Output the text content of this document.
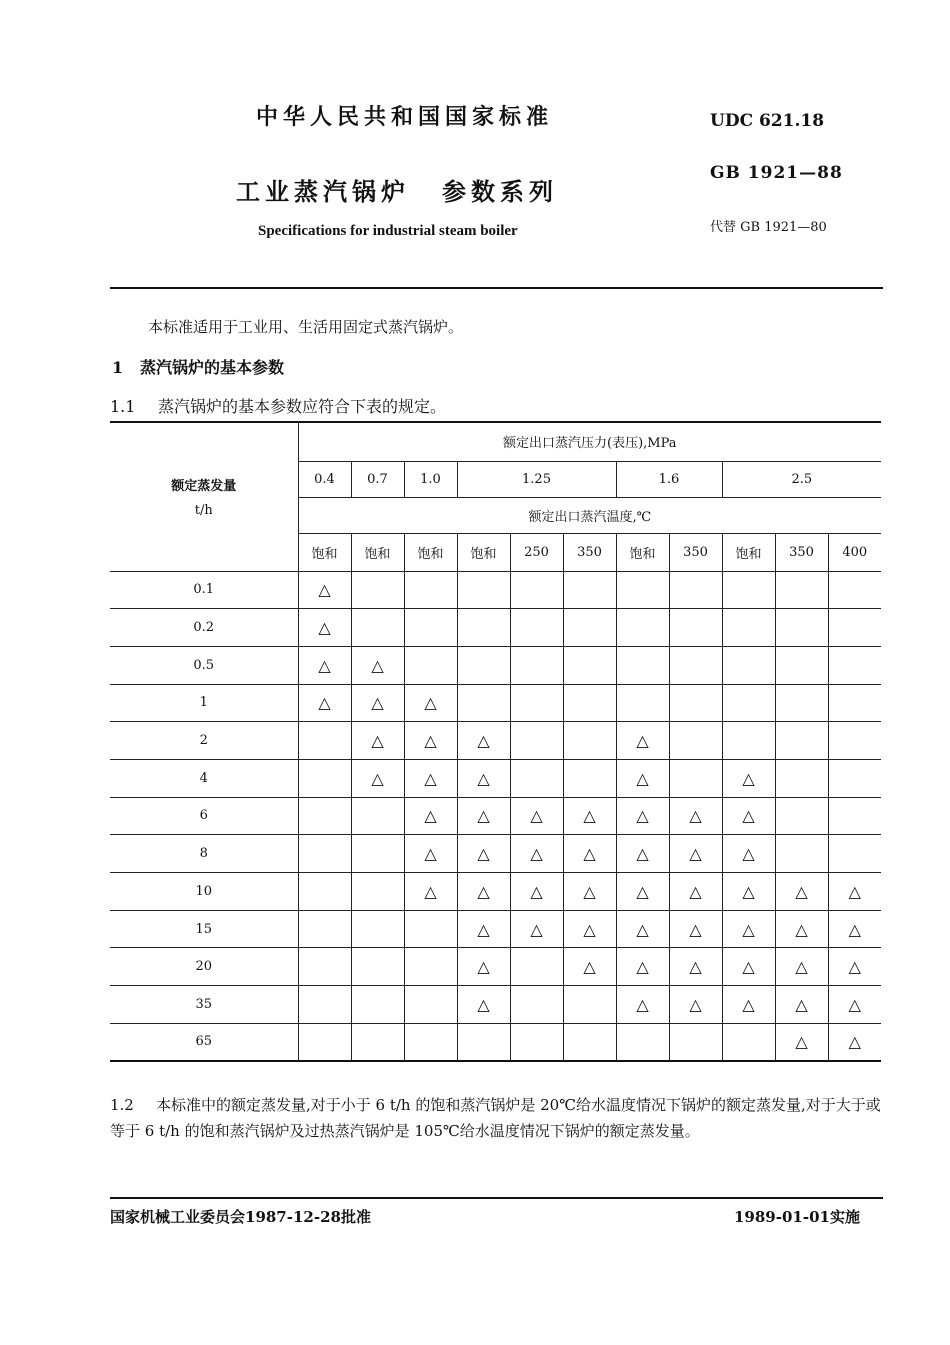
中华人民共和国国家标准
工业蒸汽锅炉 参数系列
Specifications for industrial steam boiler
UDC 621.18
GB 1921—88
代替 GB 1921—80
本标准适用于工业用、生活用固定式蒸汽锅炉。
1 蒸汽锅炉的基本参数
1.1 蒸汽锅炉的基本参数应符合下表的规定。
额定蒸发量
t/h	额定出口蒸汽压力(表压),MPa										
	0.4	0.7	1.0	1.25			1.6		2.5		
	额定出口蒸汽温度,℃										
	饱和	饱和	饱和	饱和	250	350	饱和	350	饱和	350	400
0.1	△										
0.2	△										
0.5	△	△									
1	△	△	△								
2		△	△	△			△				
4		△	△	△			△		△		
6			△	△	△	△	△	△	△		
8			△	△	△	△	△	△	△		
10			△	△	△	△	△	△	△	△	△
15				△	△	△	△	△	△	△	△
20				△		△	△	△	△	△	△
35				△			△	△	△	△	△
65										△	△
1.2 本标准中的额定蒸发量,对于小于 6 t/h 的饱和蒸汽锅炉是 20℃给水温度情况下锅炉的额定蒸发量,对于大于或等于 6 t/h 的饱和蒸汽锅炉及过热蒸汽锅炉是 105℃给水温度情况下锅炉的额定蒸发量。
国家机械工业委员会1987-12-28批准	1989-01-01实施
